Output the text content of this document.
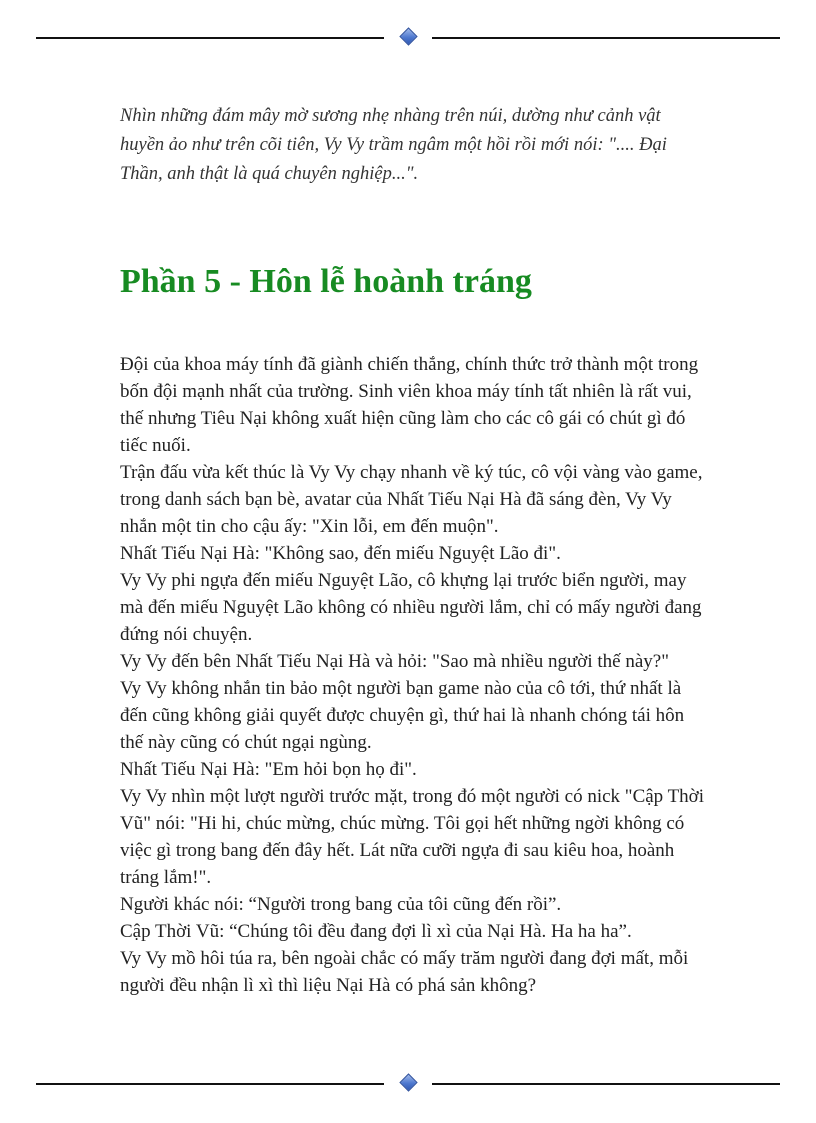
Nhìn những đám mây mờ sương nhẹ nhàng trên núi, dường như cảnh vật huyền ảo như trên cõi tiên, Vy Vy trầm ngâm một hồi rồi mới nói: ".... Đại Thần, anh thật là quá chuyên nghiệp...".

Phần 5 - Hôn lễ hoành tráng

Đội của khoa máy tính đã giành chiến thắng, chính thức trở thành một trong bốn đội mạnh nhất của trường. Sinh viên khoa máy tính tất nhiên là rất vui, thế nhưng Tiêu Nại không xuất hiện cũng làm cho các cô gái có chút gì đó tiếc nuối.

Trận đấu vừa kết thúc là Vy Vy chạy nhanh về ký túc, cô vội vàng vào game, trong danh sách bạn bè, avatar của Nhất Tiếu Nại Hà đã sáng đèn, Vy Vy nhắn một tin cho cậu ấy: "Xin lỗi, em đến muộn".

Nhất Tiếu Nại Hà: "Không sao, đến miếu Nguyệt Lão đi".

Vy Vy phi ngựa đến miếu Nguyệt Lão, cô khựng lại trước biển người, may mà đến miếu Nguyệt Lão không có nhiều người lắm, chỉ có mấy người đang đứng nói chuyện.

Vy Vy đến bên Nhất Tiếu Nại Hà và hỏi: "Sao mà nhiều người thế này?"

Vy Vy không nhắn tin bảo một người bạn game nào của cô tới, thứ nhất là đến cũng không giải quyết được chuyện gì, thứ hai là nhanh chóng tái hôn thế này cũng có chút ngại ngùng.

Nhất Tiếu Nại Hà: "Em hỏi bọn họ đi".

Vy Vy nhìn một lượt người trước mặt, trong đó một người có nick "Cập Thời Vũ" nói: "Hi hi, chúc mừng, chúc mừng. Tôi gọi hết những ngời không có việc gì trong bang đến đây hết. Lát nữa cưỡi ngựa đi sau kiêu hoa, hoành tráng lắm!".

Người khác nói: “Người trong bang của tôi cũng đến rồi”.

Cập Thời Vũ: “Chúng tôi đều đang đợi lì xì của Nại Hà. Ha ha ha”.

Vy Vy mồ hôi túa ra, bên ngoài chắc có mấy trăm người đang đợi mất, mỗi người đều nhận lì xì thì liệu Nại Hà có phá sản không?
